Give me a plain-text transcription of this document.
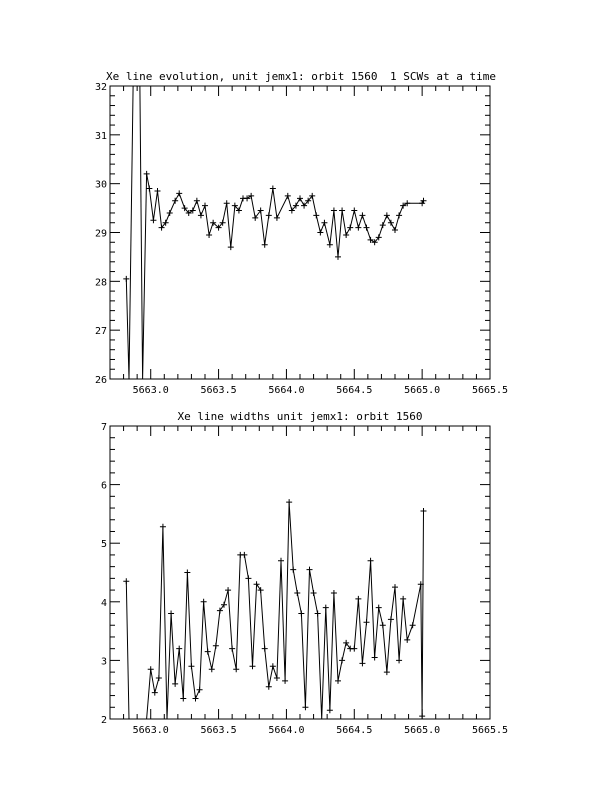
Xe line evolution, unit jemx1: orbit 1560 1 SCWs at a time
5663.0	5663.5	5664.0	5664.5	5665.0	5665.5
26
27
28
29
30
31
32
Xe line widths unit jemx1: orbit 1560
5663.0	5663.5	5664.0	5664.5	5665.0	5665.5
2
3
4
5
6
7
